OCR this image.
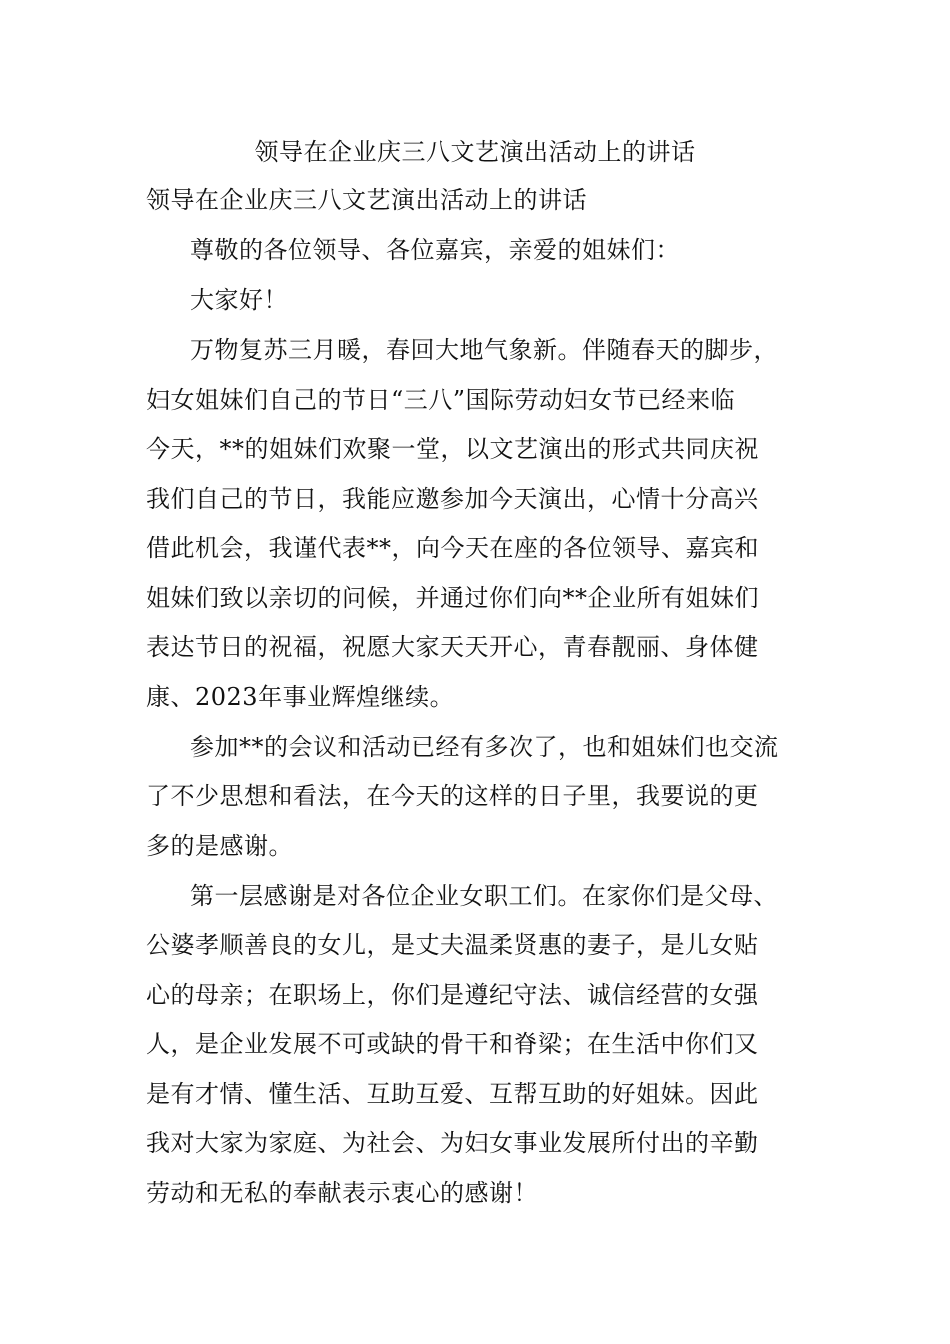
领导在企业庆三八文艺演出活动上的讲话
领导在企业庆三八文艺演出活动上的讲话
尊敬的各位领导、各位嘉宾，亲爱的姐妹们：
大家好！
万物复苏三月暖，春回大地气象新。伴随春天的脚步，
妇女姐妹们自己的节日“三八”国际劳动妇女节已经来临
今天，**的姐妹们欢聚一堂，以文艺演出的形式共同庆祝
我们自己的节日，我能应邀参加今天演出，心情十分高兴
借此机会，我谨代表**，向今天在座的各位领导、嘉宾和
姐妹们致以亲切的问候，并通过你们向**企业所有姐妹们
表达节日的祝福，祝愿大家天天开心，青春靓丽、身体健
康、2023年事业辉煌继续。
参加**的会议和活动已经有多次了，也和姐妹们也交流
了不少思想和看法，在今天的这样的日子里，我要说的更
多的是感谢。
第一层感谢是对各位企业女职工们。在家你们是父母、
公婆孝顺善良的女儿，是丈夫温柔贤惠的妻子，是儿女贴
心的母亲；在职场上，你们是遵纪守法、诚信经营的女强
人，是企业发展不可或缺的骨干和脊梁；在生活中你们又
是有才情、懂生活、互助互爱、互帮互助的好姐妹。因此
我对大家为家庭、为社会、为妇女事业发展所付出的辛勤
劳动和无私的奉献表示衷心的感谢！
